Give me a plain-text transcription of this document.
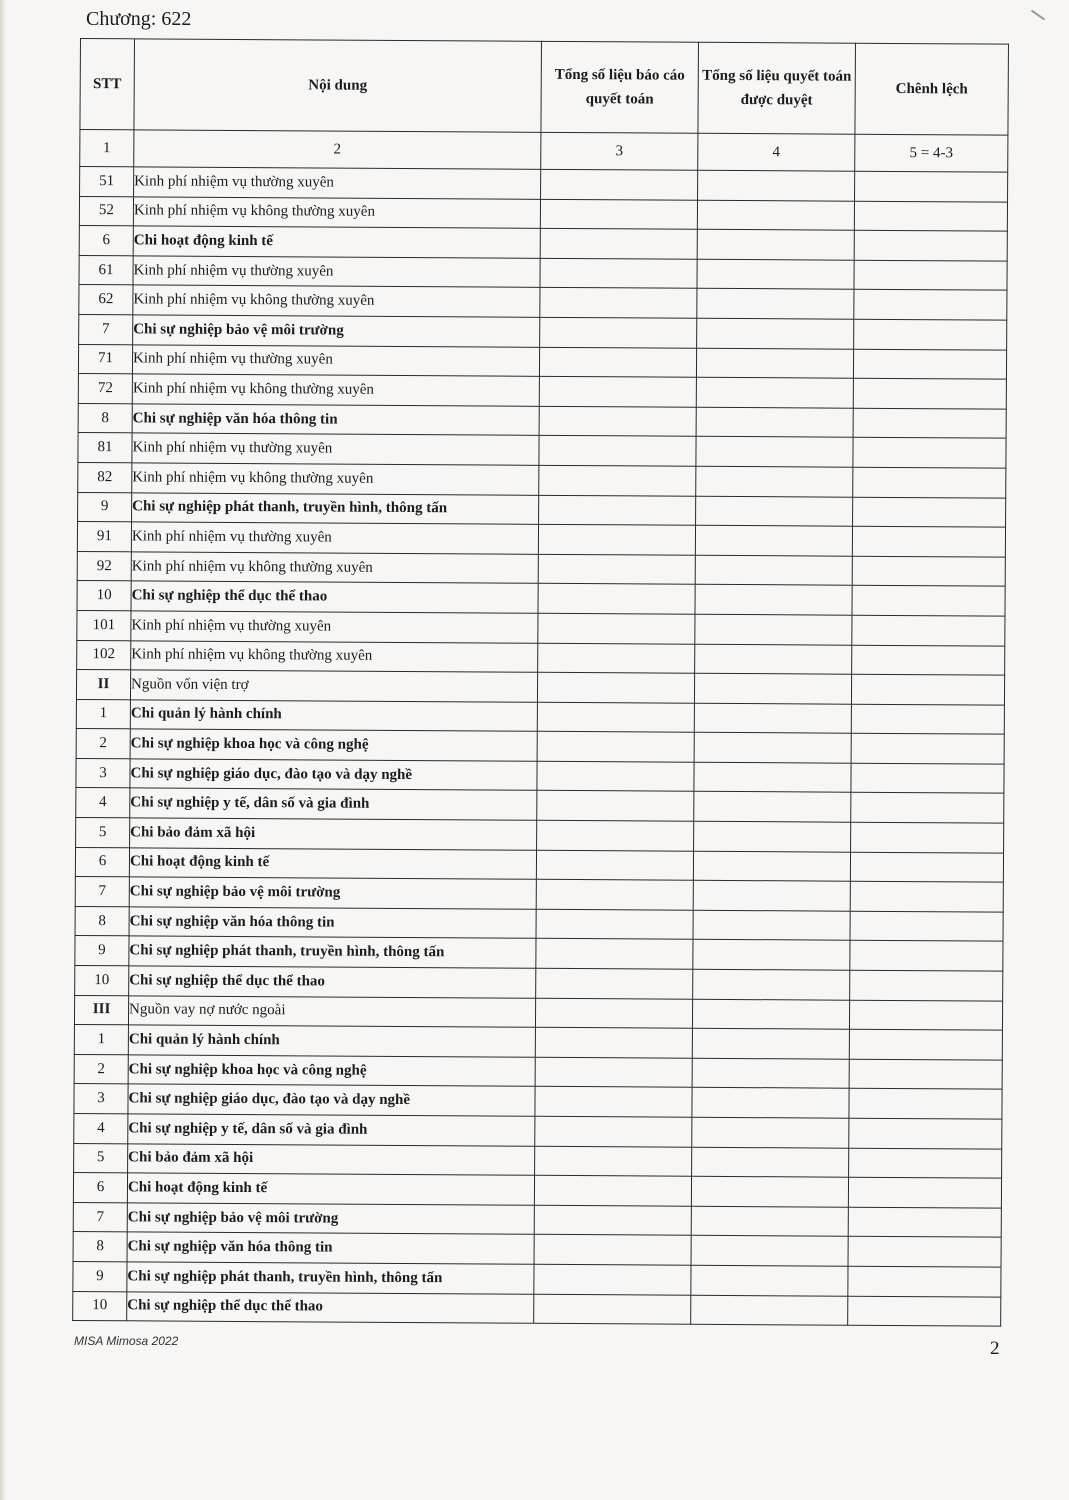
Chương: 622
STT	Nội dung	Tổng số liệu báo cáo quyết toán	Tổng số liệu quyết toán được duyệt	Chênh lệch
1	2	3	4	5 = 4-3
51	Kinh phí nhiệm vụ thường xuyên			
52	Kinh phí nhiệm vụ không thường xuyên			
6	Chi hoạt động kinh tế			
61	Kinh phí nhiệm vụ thường xuyên			
62	Kinh phí nhiệm vụ không thường xuyên			
7	Chi sự nghiệp bảo vệ môi trường			
71	Kinh phí nhiệm vụ thường xuyên			
72	Kinh phí nhiệm vụ không thường xuyên			
8	Chi sự nghiệp văn hóa thông tin			
81	Kinh phí nhiệm vụ thường xuyên			
82	Kinh phí nhiệm vụ không thường xuyên			
9	Chi sự nghiệp phát thanh, truyền hình, thông tấn			
91	Kinh phí nhiệm vụ thường xuyên			
92	Kinh phí nhiệm vụ không thường xuyên			
10	Chi sự nghiệp thể dục thể thao			
101	Kinh phí nhiệm vụ thường xuyên			
102	Kinh phí nhiệm vụ không thường xuyên			
II	Nguồn vốn viện trợ			
1	Chi quản lý hành chính			
2	Chi sự nghiệp khoa học và công nghệ			
3	Chi sự nghiệp giáo dục, đào tạo và dạy nghề			
4	Chi sự nghiệp y tế, dân số và gia đình			
5	Chi bảo đảm xã hội			
6	Chi hoạt động kinh tế			
7	Chi sự nghiệp bảo vệ môi trường			
8	Chi sự nghiệp văn hóa thông tin			
9	Chi sự nghiệp phát thanh, truyền hình, thông tấn			
10	Chi sự nghiệp thể dục thể thao			
III	Nguồn vay nợ nước ngoài			
1	Chi quản lý hành chính			
2	Chi sự nghiệp khoa học và công nghệ			
3	Chi sự nghiệp giáo dục, đào tạo và dạy nghề			
4	Chi sự nghiệp y tế, dân số và gia đình			
5	Chi bảo đảm xã hội			
6	Chi hoạt động kinh tế			
7	Chi sự nghiệp bảo vệ môi trường			
8	Chi sự nghiệp văn hóa thông tin			
9	Chi sự nghiệp phát thanh, truyền hình, thông tấn			
10	Chi sự nghiệp thể dục thể thao			
MISA Mimosa 2022	2
